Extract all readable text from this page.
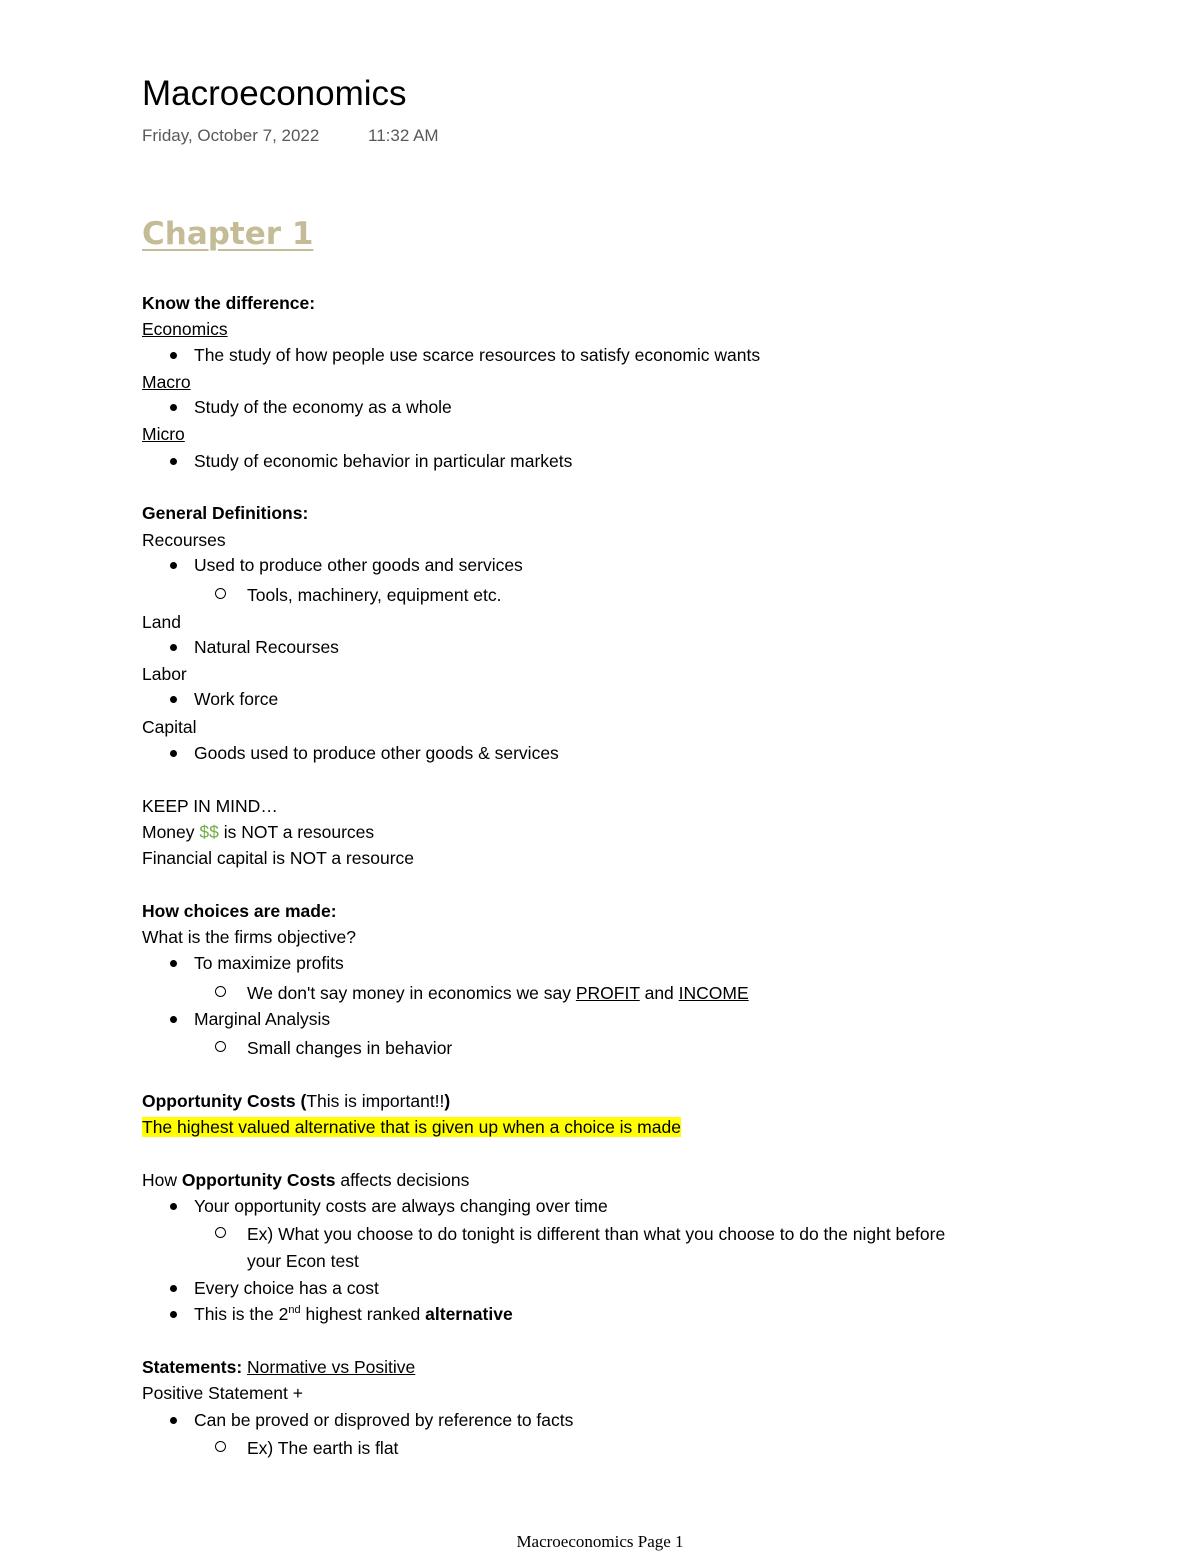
Macroeconomics
Friday, October 7, 2022	11:32 AM
Chapter 1
Know the difference:
Economics
The study of how people use scarce resources to satisfy economic wants
Macro
Study of the economy as a whole
Micro
Study of economic behavior in particular markets
General Definitions:
Recourses
Used to produce other goods and services
Tools, machinery, equipment etc.
Land
Natural Recourses
Labor
Work force
Capital
Goods used to produce other goods & services
KEEP IN MIND…
Money $$ is NOT a resources
Financial capital is NOT a resource
How choices are made:
What is the firms objective?
To maximize profits
We don't say money in economics we say PROFIT and INCOME
Marginal Analysis
Small changes in behavior
Opportunity Costs (This is important!!)
The highest valued alternative that is given up when a choice is made
How Opportunity Costs affects decisions
Your opportunity costs are always changing over time
Ex) What you choose to do tonight is different than what you choose to do the night before
your Econ test
Every choice has a cost
This is the 2nd highest ranked alternative
Statements: Normative vs Positive
Positive Statement +
Can be proved or disproved by reference to facts
Ex) The earth is flat
Macroeconomics Page 1
